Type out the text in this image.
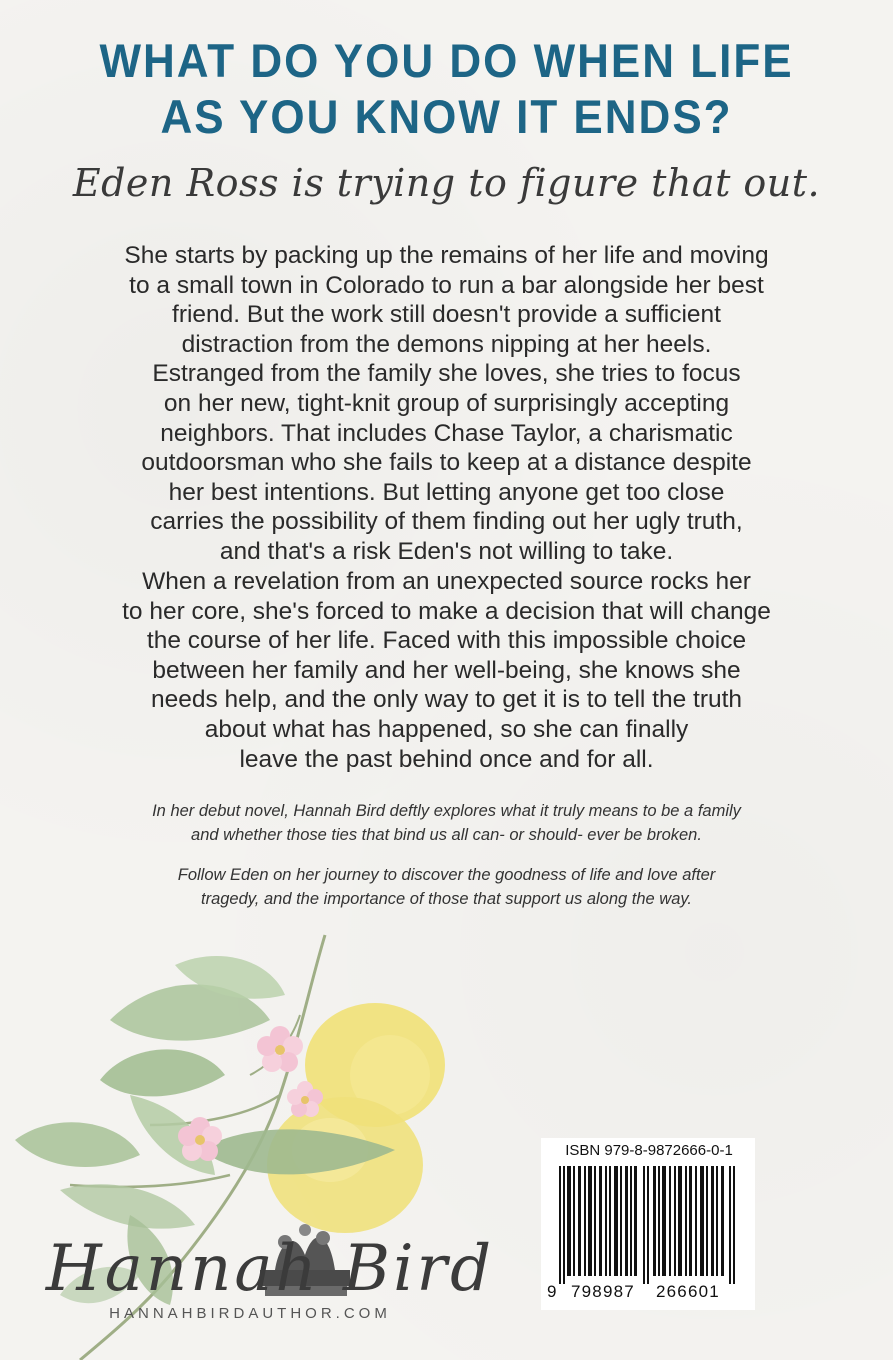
WHAT DO YOU DO WHEN LIFE
AS YOU KNOW IT ENDS?
Eden Ross is trying to figure that out.
She starts by packing up the remains of her life and moving
to a small town in Colorado to run a bar alongside her best
friend. But the work still doesn't provide a sufficient
distraction from the demons nipping at her heels.
Estranged from the family she loves, she tries to focus
on her new, tight-knit group of surprisingly accepting
neighbors. That includes Chase Taylor, a charismatic
outdoorsman who she fails to keep at a distance despite
her best intentions. But letting anyone get too close
carries the possibility of them finding out her ugly truth,
and that's a risk Eden's not willing to take.
When a revelation from an unexpected source rocks her
to her core, she's forced to make a decision that will change
the course of her life. Faced with this impossible choice
between her family and her well-being, she knows she
needs help, and the only way to get it is to tell the truth
about what has happened, so she can finally
leave the past behind once and for all.
In her debut novel, Hannah Bird deftly explores what it truly means to be a family
and whether those ties that bind us all can- or should- ever be broken.
Follow Eden on her journey to discover the goodness of life and love after
tragedy, and the importance of those that support us along the way.
Hannah Bird
HANNAHBIRDAUTHOR.COM
ISBN 979-8-9872666-0-1
9 798987 266601
